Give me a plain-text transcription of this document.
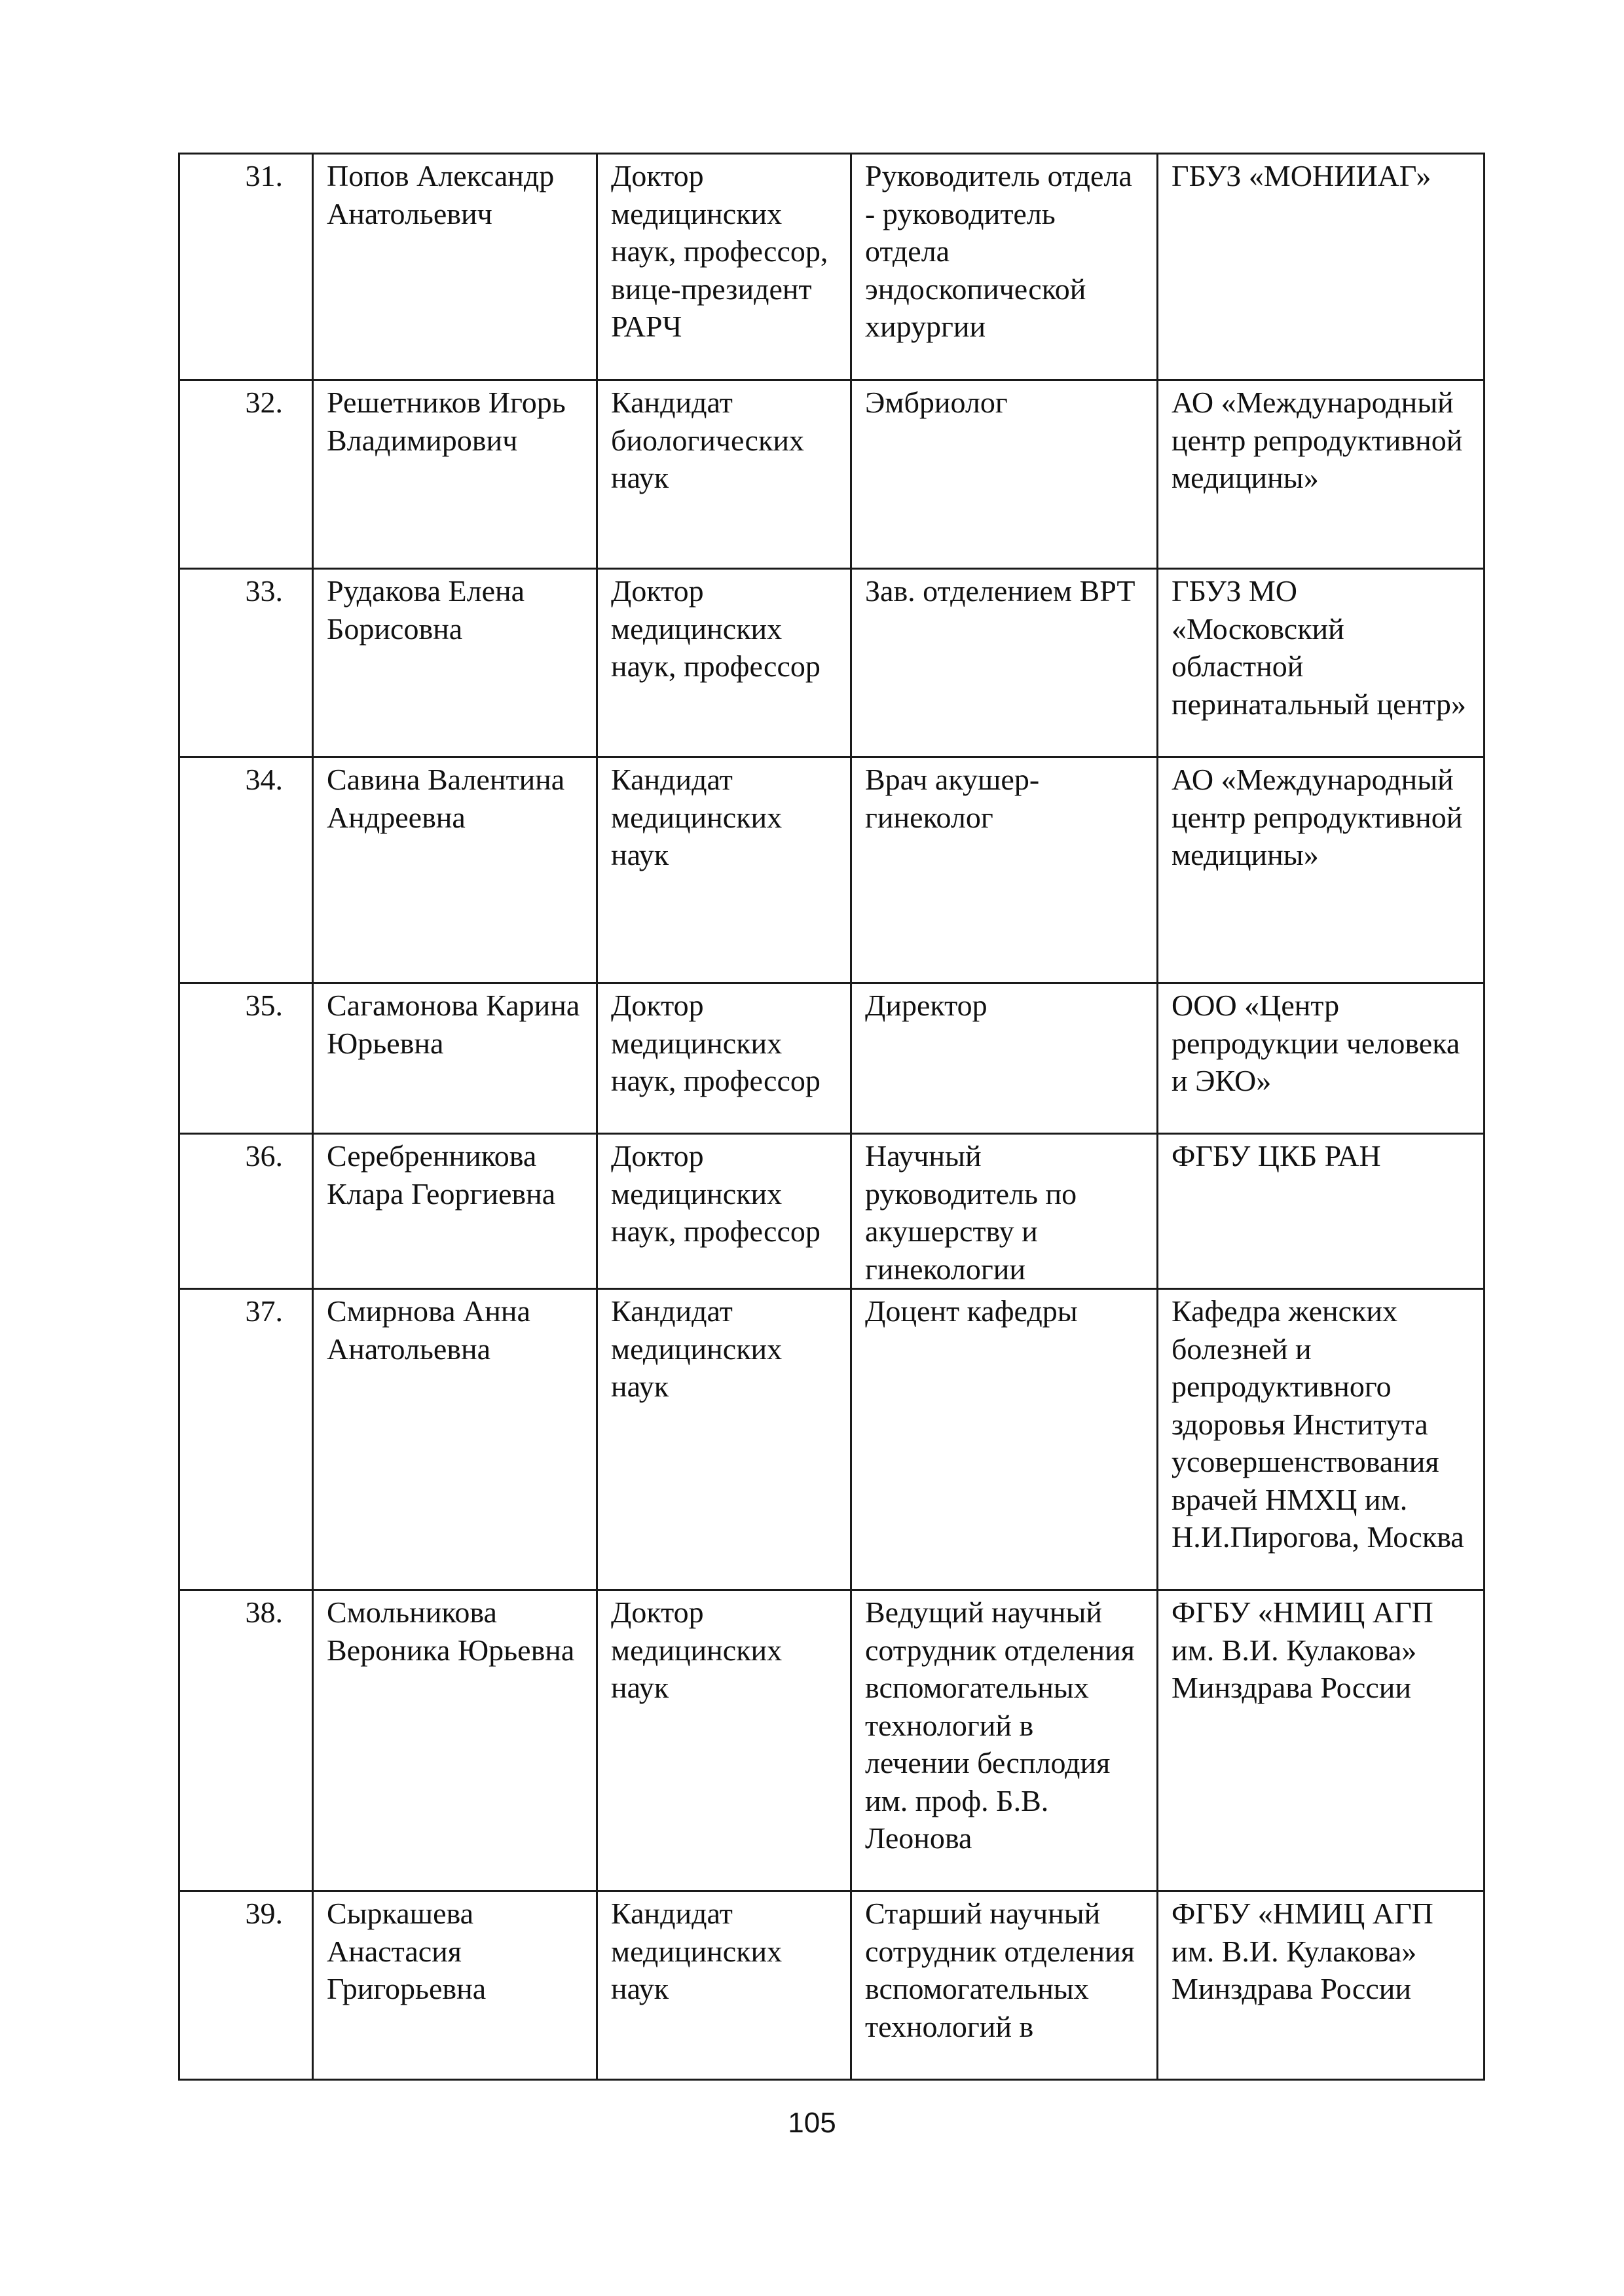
31.	Попов Александр Анатольевич	Доктор медицинских наук, профессор, вице-президент РАРЧ	Руководитель отдела - руководитель отдела эндоскопической хирургии	ГБУЗ «МОНИИАГ»
32.	Решетников Игорь Владимирович	Кандидат биологических наук	Эмбриолог	АО «Международный центр репродуктивной медицины»
33.	Рудакова Елена Борисовна	Доктор медицинских наук, профессор	Зав. отделением ВРТ	ГБУЗ МО «Московский областной перинатальный центр»
34.	Савина Валентина Андреевна	Кандидат медицинских наук	Врач акушер-гинеколог	АО «Международный центр репродуктивной медицины»
35.	Сагамонова Карина Юрьевна	Доктор медицинских наук, профессор	Директор	ООО «Центр репродукции человека и ЭКО»
36.	Серебренникова Клара Георгиевна	Доктор медицинских наук, профессор	Научный руководитель по акушерству и гинекологии	ФГБУ ЦКБ РАН
37.	Смирнова Анна Анатольевна	Кандидат медицинских наук	Доцент кафедры	Кафедра женских болезней и репродуктивного здоровья Института усовершенствования врачей НМХЦ им. Н.И.Пирогова, Москва
38.	Смольникова Вероника Юрьевна	Доктор медицинских наук	Ведущий научный сотрудник отделения вспомогательных технологий в лечении бесплодия им. проф. Б.В. Леонова	ФГБУ «НМИЦ АГП им. В.И. Кулакова» Минздрава России
39.	Сыркашева Анастасия Григорьевна	Кандидат медицинских наук	Старший научный сотрудник отделения вспомогательных технологий в	ФГБУ «НМИЦ АГП им. В.И. Кулакова» Минздрава России
105
